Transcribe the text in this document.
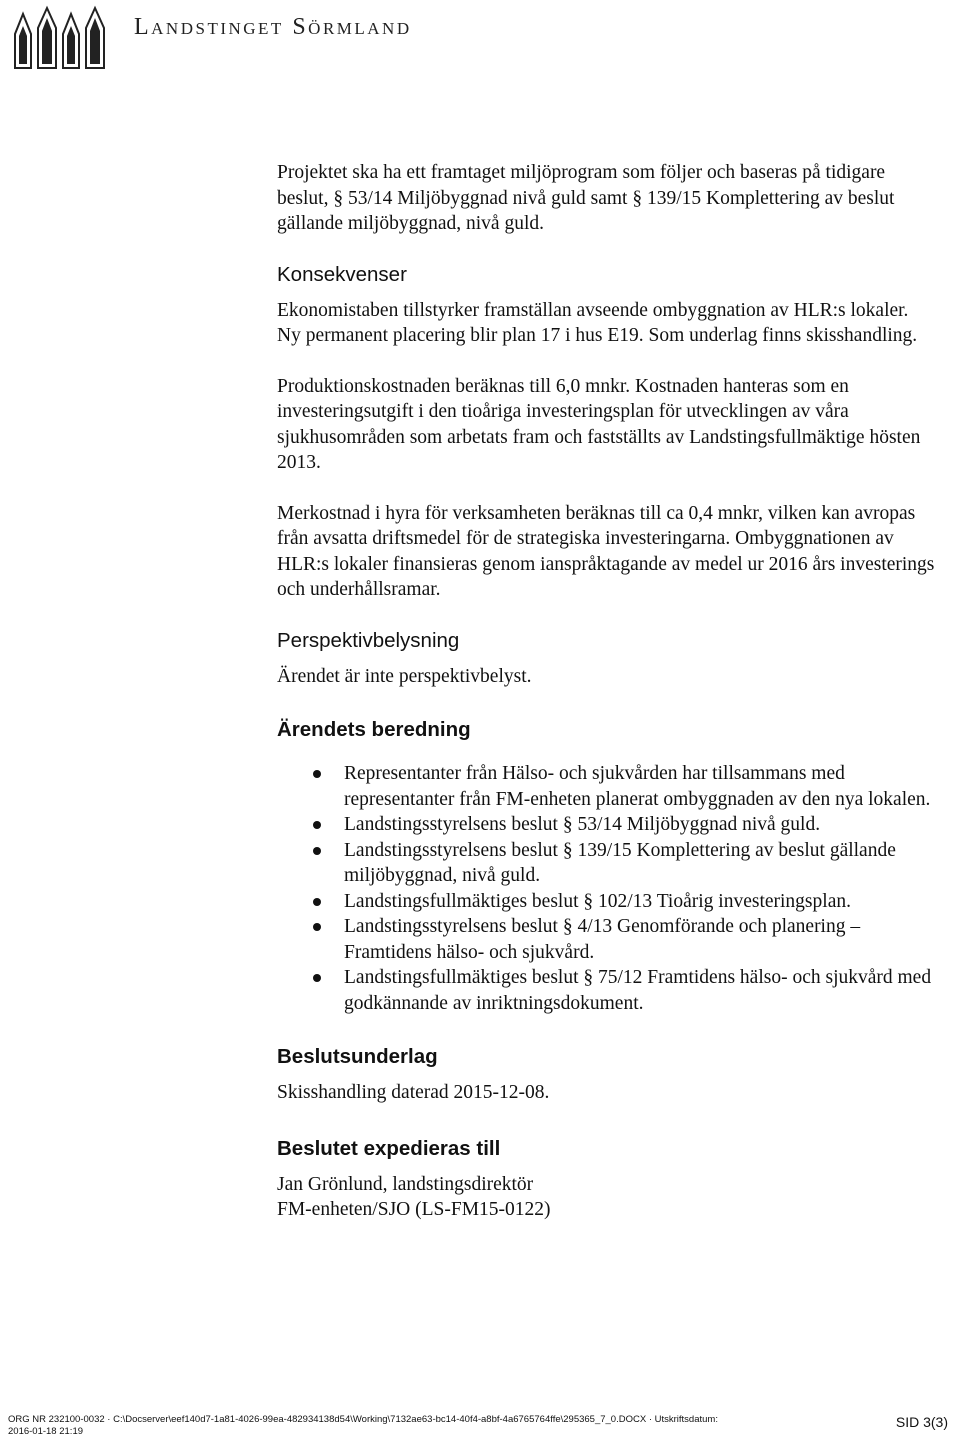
Landstinget Sörmland

Projektet ska ha ett framtaget miljöprogram som följer och baseras på tidigare beslut, § 53/14 Miljöbyggnad nivå guld samt § 139/15 Komplettering av beslut gällande miljöbyggnad, nivå guld.

Konsekvenser

Ekonomistaben tillstyrker framställan avseende ombyggnation av HLR:s lokaler. Ny permanent placering blir plan 17 i hus E19. Som underlag finns skisshandling.

Produktionskostnaden beräknas till 6,0 mnkr. Kostnaden hanteras som en investeringsutgift i den tioåriga investeringsplan för utvecklingen av våra sjukhusområden som arbetats fram och fastställts av Landstingsfullmäktige hösten 2013.

Merkostnad i hyra för verksamheten beräknas till ca 0,4 mnkr, vilken kan avropas från avsatta driftsmedel för de strategiska investeringarna. Ombyggnationen av HLR:s lokaler finansieras genom ianspråktagande av medel ur 2016 års investerings och underhållsramar.

Perspektivbelysning

Ärendet är inte perspektivbelyst.

Ärendets beredning
Representanter från Hälso- och sjukvården har tillsammans med representanter från FM-enheten planerat ombyggnaden av den nya lokalen.
Landstingsstyrelsens beslut § 53/14 Miljöbyggnad nivå guld.
Landstingsstyrelsens beslut § 139/15 Komplettering av beslut gällande miljöbyggnad, nivå guld.
Landstingsfullmäktiges beslut § 102/13 Tioårig investeringsplan.
Landstingsstyrelsens beslut § 4/13 Genomförande och planering – Framtidens hälso- och sjukvård.
Landstingsfullmäktiges beslut § 75/12 Framtidens hälso- och sjukvård med godkännande av inriktningsdokument.
Beslutsunderlag

Skisshandling daterad 2015-12-08.

Beslutet expedieras till

Jan Grönlund, landstingsdirektör

FM-enheten/SJO (LS-FM15-0122)

ORG NR 232100-0032 · C:\Docserver\eef140d7-1a81-4026-99ea-482934138d54\Working\7132ae63-bc14-40f4-a8bf-4a6765764ffe\295365_7_0.DOCX · Utskriftsdatum:
2016-01-18 21:19
SID 3(3)
